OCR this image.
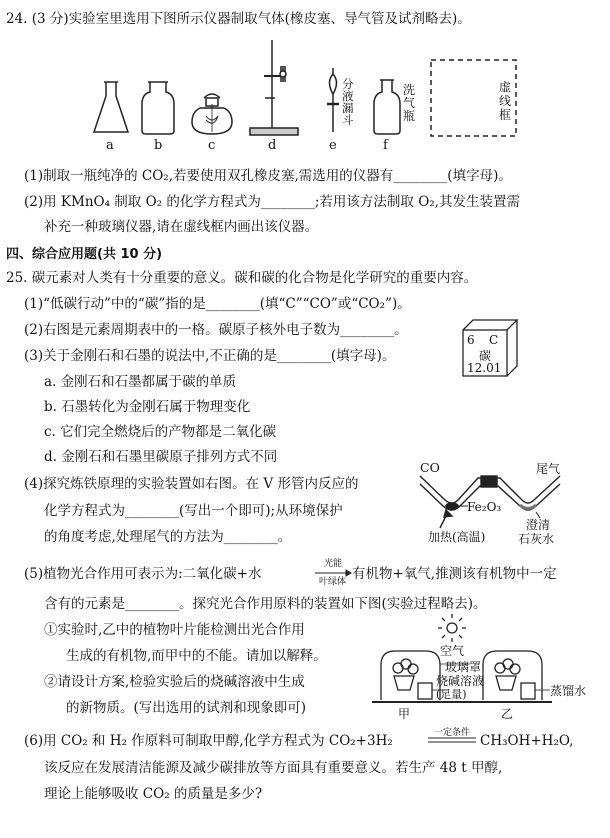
24. (3 分)实验室里选用下图所示仪器制取气体(橡皮塞、导气管及试剂略去)。
a	b	c	d	e	f
分液漏斗
洗气瓶
虚线框
(1)制取一瓶纯净的 CO₂,若要使用双孔橡皮塞,需选用的仪器有________(填字母)。
(2)用 KMnO₄ 制取 O₂ 的化学方程式为________;若用该方法制取 O₂,其发生装置需
补充一种玻璃仪器,请在虚线框内画出该仪器。
四、综合应用题(共 10 分)
25. 碳元素对人类有十分重要的意义。碳和碳的化合物是化学研究的重要内容。
(1)“低碳行动”中的“碳”指的是________(填“C”“CO”或“CO₂”)。
(2)右图是元素周期表中的一格。碳原子核外电子数为________。
(3)关于金刚石和石墨的说法中,不正确的是________(填字母)。
a. 金刚石和石墨都属于碳的单质
b. 石墨转化为金刚石属于物理变化
c. 它们完全燃烧后的产物都是二氧化碳
d. 金刚石和石墨里碳原子排列方式不同
6 C
碳
12.01
(4)探究炼铁原理的实验装置如右图。在 V 形管内反应的
化学方程式为________(写出一个即可);从环境保护
的角度考虑,处理尾气的方法为________。
CO	尾气
Fe₂O₃
加热(高温)
澄清
石灰水
(5)植物光合作用可表示为:二氧化碳+水
光能
叶绿体 有机物+氧气,推测该有机物中一定
含有的元素是________。探究光合作用原料的装置如下图(实验过程略去)。
①实验时,乙中的植物叶片能检测出光合作用
生成的有机物,而甲中的不能。请加以解释。
②请设计方案,检验实验后的烧碱溶液中生成
的新物质。(写出选用的试剂和现象即可)
空气
玻璃罩
烧碱溶液
(足量)	蒸馏水
甲	乙
(6)用 CO₂ 和 H₂ 作原料可制取甲醇,化学方程式为 CO₂+3H₂	一定条件 CH₃OH+H₂O,
该反应在发展清洁能源及减少碳排放等方面具有重要意义。若生产 48 t 甲醇,
理论上能够吸收 CO₂ 的质量是多少?
